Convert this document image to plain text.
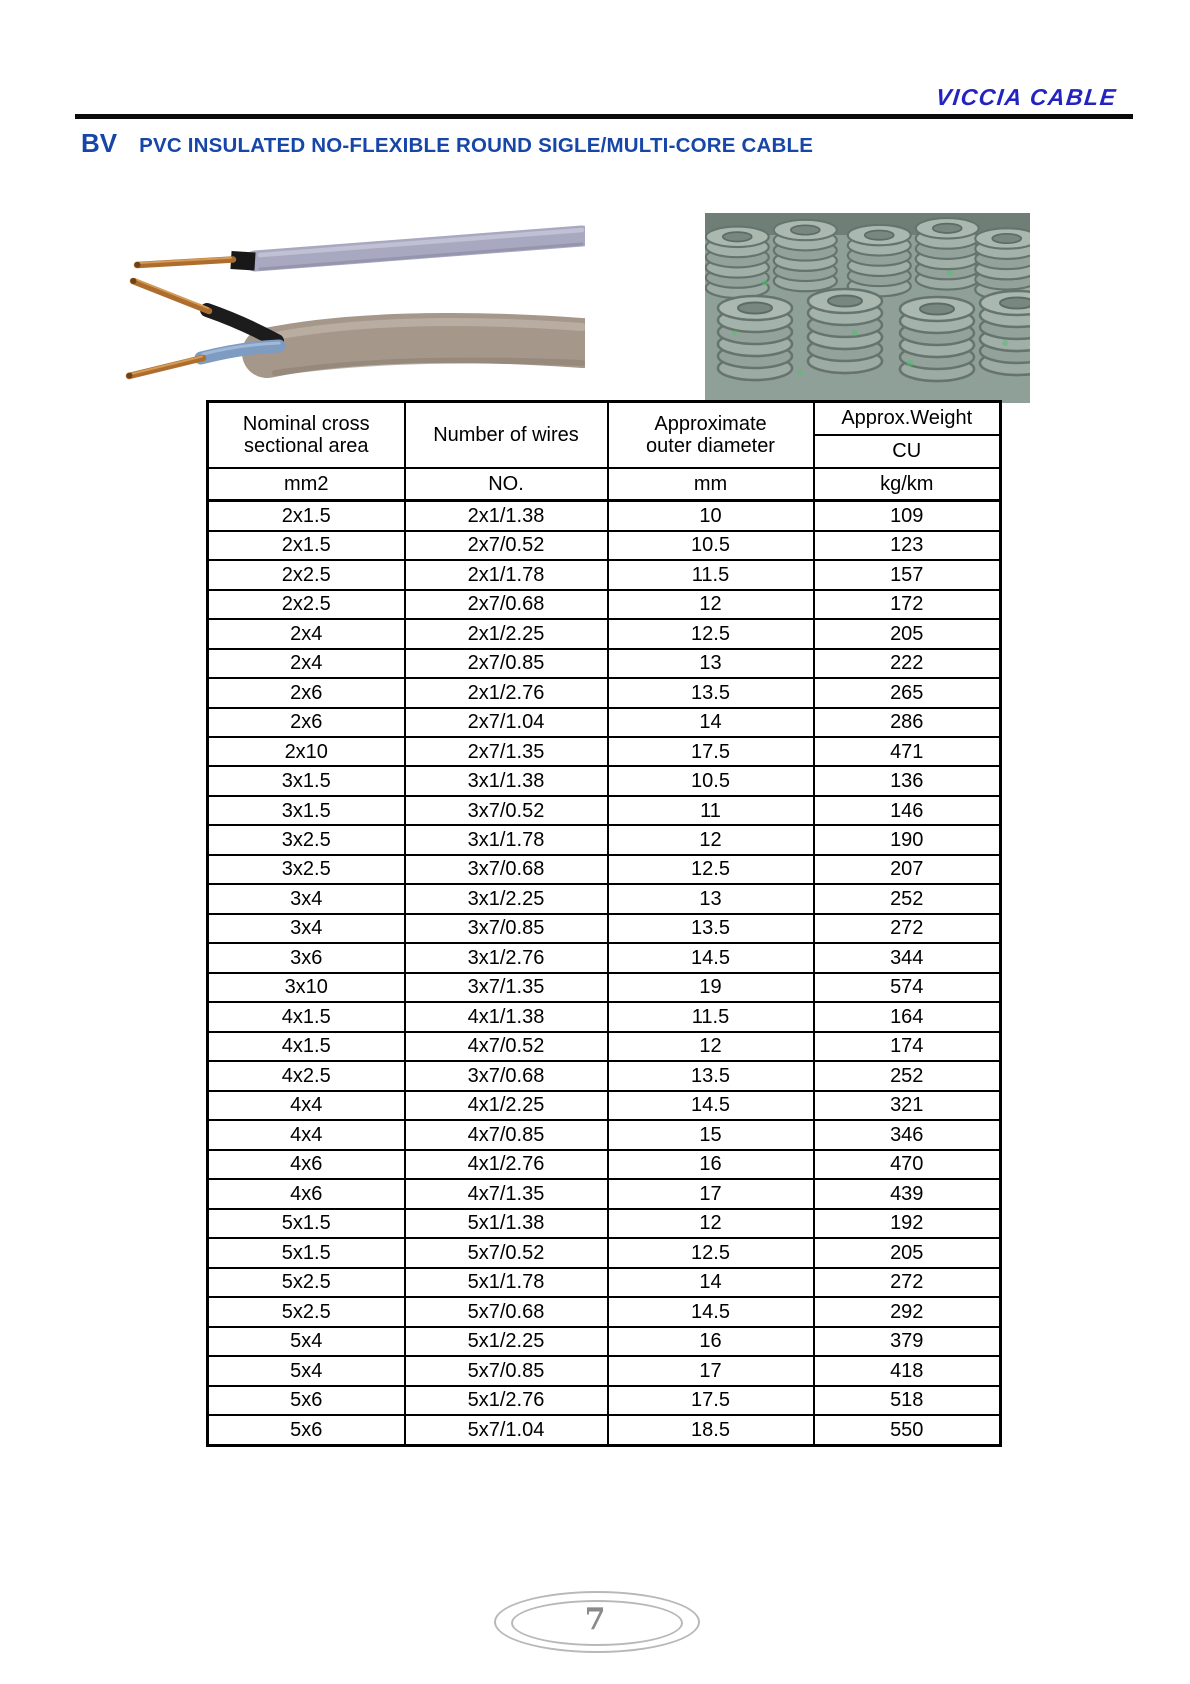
VICCIA CABLE
BV PVC INSULATED NO-FLEXIBLE ROUND SIGLE/MULTI-CORE CABLE
Nominal cross
sectional area	Number of wires	Approximate
outer diameter	Approx.Weight
			CU
mm2	NO.	mm	kg/km
2x1.5	2x1/1.38	10	109
2x1.5	2x7/0.52	10.5	123
2x2.5	2x1/1.78	11.5	157
2x2.5	2x7/0.68	12	172
2x4	2x1/2.25	12.5	205
2x4	2x7/0.85	13	222
2x6	2x1/2.76	13.5	265
2x6	2x7/1.04	14	286
2x10	2x7/1.35	17.5	471
3x1.5	3x1/1.38	10.5	136
3x1.5	3x7/0.52	11	146
3x2.5	3x1/1.78	12	190
3x2.5	3x7/0.68	12.5	207
3x4	3x1/2.25	13	252
3x4	3x7/0.85	13.5	272
3x6	3x1/2.76	14.5	344
3x10	3x7/1.35	19	574
4x1.5	4x1/1.38	11.5	164
4x1.5	4x7/0.52	12	174
4x2.5	3x7/0.68	13.5	252
4x4	4x1/2.25	14.5	321
4x4	4x7/0.85	15	346
4x6	4x1/2.76	16	470
4x6	4x7/1.35	17	439
5x1.5	5x1/1.38	12	192
5x1.5	5x7/0.52	12.5	205
5x2.5	5x1/1.78	14	272
5x2.5	5x7/0.68	14.5	292
5x4	5x1/2.25	16	379
5x4	5x7/0.85	17	418
5x6	5x1/2.76	17.5	518
5x6	5x7/1.04	18.5	550
7
